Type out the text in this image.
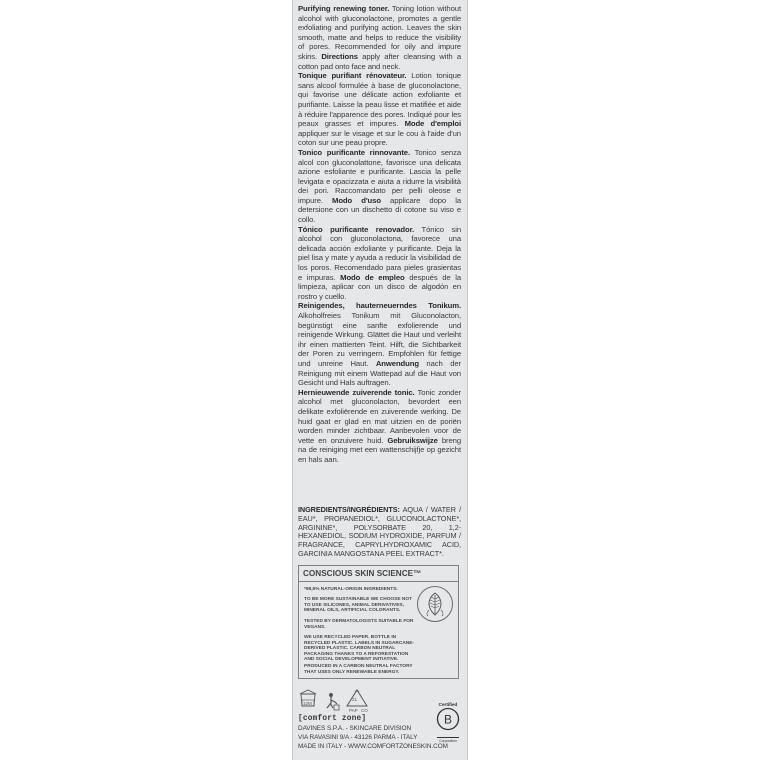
Purifying renewing toner. Toning lotion without alcohol with gluconolactone, promotes a gentle exfoliating and purifying action. Leaves the skin smooth, matte and helps to reduce the visibility of pores. Recommended for oily and impure skins. Directions apply after cleansing with a cotton pad onto face and neck.

Tonique purifiant rénovateur. Lotion tonique sans alcool formulée à base de gluconolactone, qui favorise une délicate action exfoliante et purifiante. Laisse la peau lisse et matifiée et aide à réduire l'apparence des pores. Indiqué pour les peaux grasses et impures. Mode d'emploi appliquer sur le visage et sur le cou à l'aide d'un coton sur une peau propre.

Tonico purificante rinnovante. Tonico senza alcol con gluconolattone, favorisce una delicata azione esfoliante e purificante. Lascia la pelle levigata e opacizzata e aiuta a ridurre la visibilità dei pori. Raccomandato per pelli oleose e impure. Modo d'uso applicare dopo la detersione con un dischetto di cotone su viso e collo.

Tónico purificante renovador. Tónico sin alcohol con gluconolactona, favorece una delicada acción exfoliante y purificante. Deja la piel lisa y mate y ayuda a reducir la visibilidad de los poros. Recomendado para pieles grasientas e impuras. Modo de empleo después de la limpieza, aplicar con un disco de algodón en rostro y cuello.

Reinigendes, hauterneuerndes Tonikum. Alkoholfreies Tonikum mit Gluconolacton, begünstigt eine sanfte exfolierende und reinigende Wirkung. Glättet die Haut und verleiht ihr einen mattierten Teint. Hilft, die Sichtbarkeit der Poren zu verringern. Empfohlen für fettige und unreine Haut. Anwendung nach der Reinigung mit einem Wattepad auf die Haut von Gesicht und Hals auftragen.

Hernieuwende zuiverende tonic. Tonic zonder alcohol met gluconolacton, bevordert een delikate exfoliërende en zuiverende werking. De huid gaat er glad en mat uitzien en de poriën worden minder zichtbaar. Aanbevolen voor de vette en onzuivere huid. Gebruikswijze breng na de reiniging met een wattenschijfje op gezicht en hals aan.

INGREDIENTS/INGRÉDIENTS: AQUA / WATER / EAU*, PROPANEDIOL*, GLUCONOLACTONE*, ARGININE*, POLYSORBATE 20, 1,2-HEXANEDIOL, SODIUM HYDROXIDE, PARFUM / FRAGRANCE, CAPRYLHYDROXAMIC ACID, GARCINIA MANGOSTANA PEEL EXTRACT*.
CONSCIOUS SKIN SCIENCE™
*98,5% NATURAL-ORIGIN INGREDIENTS.
TO BE MORE SUSTAINABLE WE CHOOSE NOT TO USE SILICONES, ANIMAL DERIVATIVES, MINERAL OILS, ARTIFICIAL COLORANTS.
TESTED BY DERMATOLOGISTS SUITABLE FOR VEGANS.
WE USE RECYCLED PAPER. BOTTLE IN RECYCLED PLASTIC. LABELS IN SUGARCANE-DERIVED PLASTIC. CARBON NEUTRAL PACKAGING THANKS TO A REFORESTATION AND SOCIAL DEVELOPMENT INITIATIVE.
PRODUCED IN A CARBON NEUTRAL FACTORY THAT USES ONLY RENEWABLE ENERGY.
12M
21
PAP CO
[comfort zone]
DAVINES S.P.A. - SKINCARE DIVISION
VIA RAVASINI 9/A - 43126 PARMA - ITALY
MADE IN ITALY - WWW.COMFORTZONESKIN.COM
Certified
B
Corporation
